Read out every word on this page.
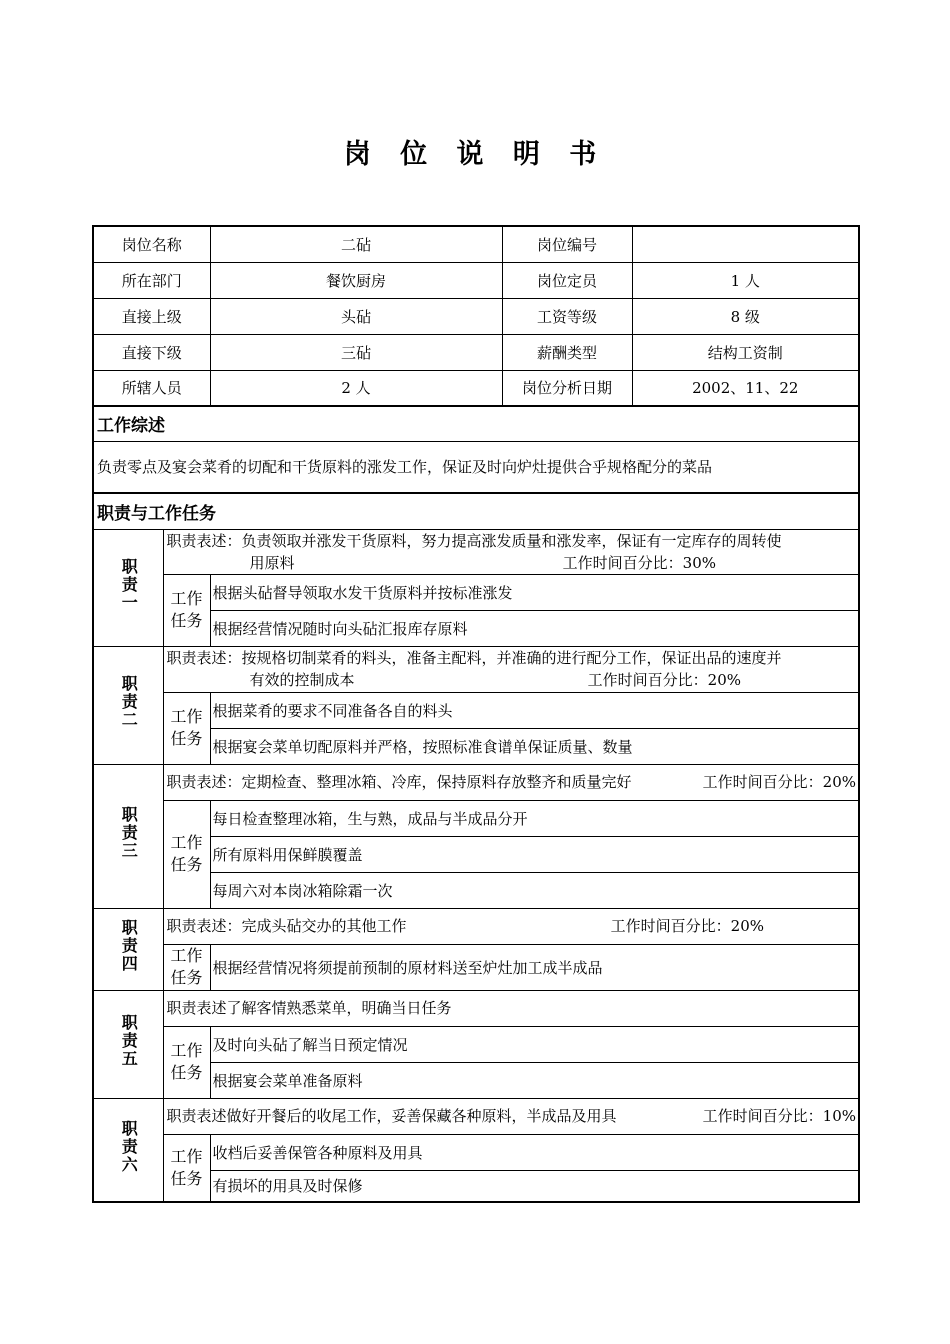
岗 位 说 明 书
岗位名称		二砧	岗位编号	
所在部门		餐饮厨房	岗位定员	1 人
直接上级		头砧	工资等级	8 级
直接下级		三砧	薪酬类型	结构工资制
所辖人员		2 人	岗位分析日期	2002、11、22
工作综述				
负责零点及宴会菜肴的切配和干货原料的涨发工作，保证及时向炉灶提供合乎规格配分的菜品				
职责与工作任务				
职责一	职责表述：负责领取并涨发干货原料，努力提高涨发质量和涨发率，保证有一定库存的周转使
用原料 工作时间百分比：30%			

	工作任务	根据头砧督导领取水发干货原料并按标准涨发		
		根据经营情况随时向头砧汇报库存原料		
职责二	职责表述：按规格切制菜肴的料头，准备主配料，并准确的进行配分工作，保证出品的速度并
有效的控制成本 工作时间百分比：20%			

	工作任务	根据菜肴的要求不同准备各自的料头		
		根据宴会菜单切配原料并严格，按照标准食谱单保证质量、数量		
职责三	职责表述：定期检查、整理冰箱、冷库，保持原料存放整齐和质量完好 工作时间百分比：20%			

	工作任务	每日检查整理冰箱，生与熟，成品与半成品分开		
		所有原料用保鲜膜覆盖		
		每周六对本岗冰箱除霜一次		
职责四	职责表述：完成头砧交办的其他工作 工作时间百分比：20%			

	工作任务	根据经营情况将须提前预制的原材料送至炉灶加工成半成品		
职责五	职责表述了解客情熟悉菜单，明确当日任务			
	工作任务	及时向头砧了解当日预定情况		
		根据宴会菜单准备原料		
职责六	职责表述做好开餐后的收尾工作，妥善保藏各种原料，半成品及用具 工作时间百分比：10%			

	工作任务	收档后妥善保管各种原料及用具		
		有损坏的用具及时保修		
